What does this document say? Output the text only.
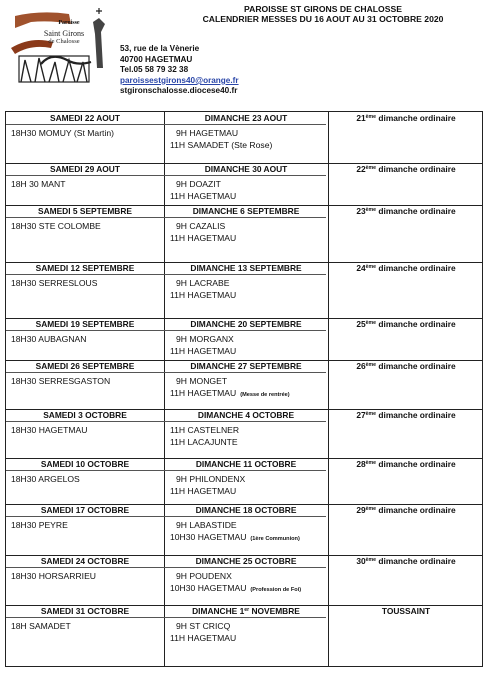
Paroisse
Saint Girons
de Chalosse
PAROISSE ST GIRONS DE CHALOSSE
CALENDRIER MESSES DU 16 AOUT AU 31 OCTOBRE 2020
53, rue de la Vènerie
40700 HAGETMAU
Tel.05 58 79 32 38
paroissestgirons40@orange.fr
stgironschalosse.diocese40.fr
SAMEDI 22 AOUT
18H30 MOMUY (St Martin)
DIMANCHE 23 AOUT
9H HAGETMAU
11H SAMADET (Ste Rose)
21ème dimanche ordinaire
SAMEDI 29 AOUT
18H 30 MANT
DIMANCHE 30 AOUT
9H DOAZIT
11H HAGETMAU
22ème dimanche ordinaire
SAMEDI 5 SEPTEMBRE
18H30 STE COLOMBE
DIMANCHE 6 SEPTEMBRE
9H CAZALIS
11H HAGETMAU
23ème dimanche ordinaire
SAMEDI 12 SEPTEMBRE
18H30 SERRESLOUS
DIMANCHE 13 SEPTEMBRE
9H LACRABE
11H HAGETMAU
24ème dimanche ordinaire
SAMEDI 19 SEPTEMBRE
18H30 AUBAGNAN
DIMANCHE 20 SEPTEMBRE
9H MORGANX
11H HAGETMAU
25ème dimanche ordinaire
SAMEDI 26 SEPTEMBRE
18H30 SERRESGASTON
DIMANCHE 27 SEPTEMBRE
9H MONGET
11H HAGETMAU (Messe de rentrée)
26ème dimanche ordinaire
SAMEDI 3 OCTOBRE
18H30 HAGETMAU
DIMANCHE 4 OCTOBRE
11H CASTELNER
11H LACAJUNTE
27ème dimanche ordinaire
SAMEDI 10 OCTOBRE
18H30 ARGELOS
DIMANCHE 11 OCTOBRE
9H PHILONDENX
11H HAGETMAU
28ème dimanche ordinaire
SAMEDI 17 OCTOBRE
18H30 PEYRE
DIMANCHE 18 OCTOBRE
9H LABASTIDE
10H30 HAGETMAU (1ère Communion)
29ème dimanche ordinaire
SAMEDI 24 OCTOBRE
18H30 HORSARRIEU
DIMANCHE 25 OCTOBRE
9H POUDENX
10H30 HAGETMAU (Profession de Foi)
30ème dimanche ordinaire
SAMEDI 31 OCTOBRE
18H SAMADET
DIMANCHE 1er NOVEMBRE
9H ST CRICQ
11H HAGETMAU
TOUSSAINT
